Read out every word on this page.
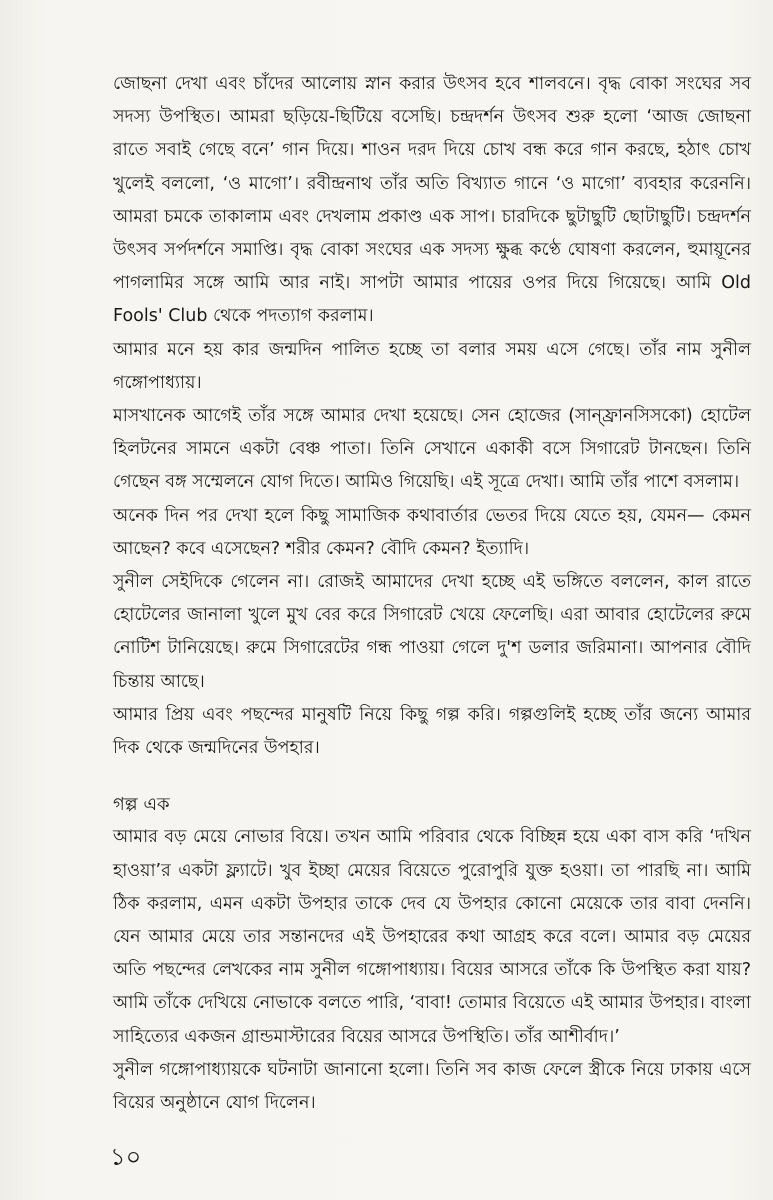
জোছনা দেখা এবং চাঁদের আলোয় স্নান করার উৎসব হবে শালবনে। বৃদ্ধ বোকা সংঘের সব সদস্য উপস্থিত। আমরা ছড়িয়ে-ছিটিয়ে বসেছি। চন্দ্রদর্শন উৎসব শুরু হলো ‘আজ জোছনা রাতে সবাই গেছে বনে’ গান দিয়ে। শাওন দরদ দিয়ে চোখ বন্ধ করে গান করছে, হঠাৎ চোখ খুলেই বললো, ‘ও মাগো’। রবীন্দ্রনাথ তাঁর অতি বিখ্যাত গানে ‘ও মাগো’ ব্যবহার করেননি। আমরা চমকে তাকালাম এবং দেখলাম প্রকাণ্ড এক সাপ। চারদিকে ছুটাছুটি ছোটাছুটি। চন্দ্রদর্শন উৎসব সর্পদর্শনে সমাপ্তি। বৃদ্ধ বোকা সংঘের এক সদস্য ক্ষুব্ধ কণ্ঠে ঘোষণা করলেন, হুমায়ূনের পাগলামির সঙ্গে আমি আর নাই। সাপটা আমার পায়ের ওপর দিয়ে গিয়েছে। আমি Old Fools' Club থেকে পদত্যাগ করলাম।

আমার মনে হয় কার জন্মদিন পালিত হচ্ছে তা বলার সময় এসে গেছে। তাঁর নাম সুনীল গঙ্গোপাধ্যায়।

মাসখানেক আগেই তাঁর সঙ্গে আমার দেখা হয়েছে। সেন হোজের (সান্‌ফ্রানসিসকো) হোটেল হিলটনের সামনে একটা বেঞ্চ পাতা। তিনি সেখানে একাকী বসে সিগারেট টানছেন। তিনি গেছেন বঙ্গ সম্মেলনে যোগ দিতে। আমিও গিয়েছি। এই সূত্রে দেখা। আমি তাঁর পাশে বসলাম।

অনেক দিন পর দেখা হলে কিছু সামাজিক কথাবার্তার ভেতর দিয়ে যেতে হয়, যেমন— কেমন আছেন? কবে এসেছেন? শরীর কেমন? বৌদি কেমন? ইত্যাদি।

সুনীল সেইদিকে গেলেন না। রোজই আমাদের দেখা হচ্ছে এই ভঙ্গিতে বললেন, কাল রাতে হোটেলের জানালা খুলে মুখ বের করে সিগারেট খেয়ে ফেলেছি। এরা আবার হোটেলের রুমে নোটিশ টানিয়েছে। রুমে সিগারেটের গন্ধ পাওয়া গেলে দু'শ ডলার জরিমানা। আপনার বৌদি চিন্তায় আছে।

আমার প্রিয় এবং পছন্দের মানুষটি নিয়ে কিছু গল্প করি। গল্পগুলিই হচ্ছে তাঁর জন্যে আমার দিক থেকে জন্মদিনের উপহার।

গল্প এক

আমার বড় মেয়ে নোভার বিয়ে। তখন আমি পরিবার থেকে বিচ্ছিন্ন হয়ে একা বাস করি ‘দখিন হাওয়া’র একটা ফ্ল্যাটে। খুব ইচ্ছা মেয়ের বিয়েতে পুরোপুরি যুক্ত হওয়া। তা পারছি না। আমি ঠিক করলাম, এমন একটা উপহার তাকে দেব যে উপহার কোনো মেয়েকে তার বাবা দেননি। যেন আমার মেয়ে তার সন্তানদের এই উপহারের কথা আগ্রহ করে বলে। আমার বড় মেয়ের অতি পছন্দের লেখকের নাম সুনীল গঙ্গোপাধ্যায়। বিয়ের আসরে তাঁকে কি উপস্থিত করা যায়? আমি তাঁকে দেখিয়ে নোভাকে বলতে পারি, ‘বাবা! তোমার বিয়েতে এই আমার উপহার। বাংলা সাহিত্যের একজন গ্রান্ডমাস্টারের বিয়ের আসরে উপস্থিতি। তাঁর আশীর্বাদ।’

সুনীল গঙ্গোপাধ্যায়কে ঘটনাটা জানানো হলো। তিনি সব কাজ ফেলে স্ত্রীকে নিয়ে ঢাকায় এসে বিয়ের অনুষ্ঠানে যোগ দিলেন।

১০
